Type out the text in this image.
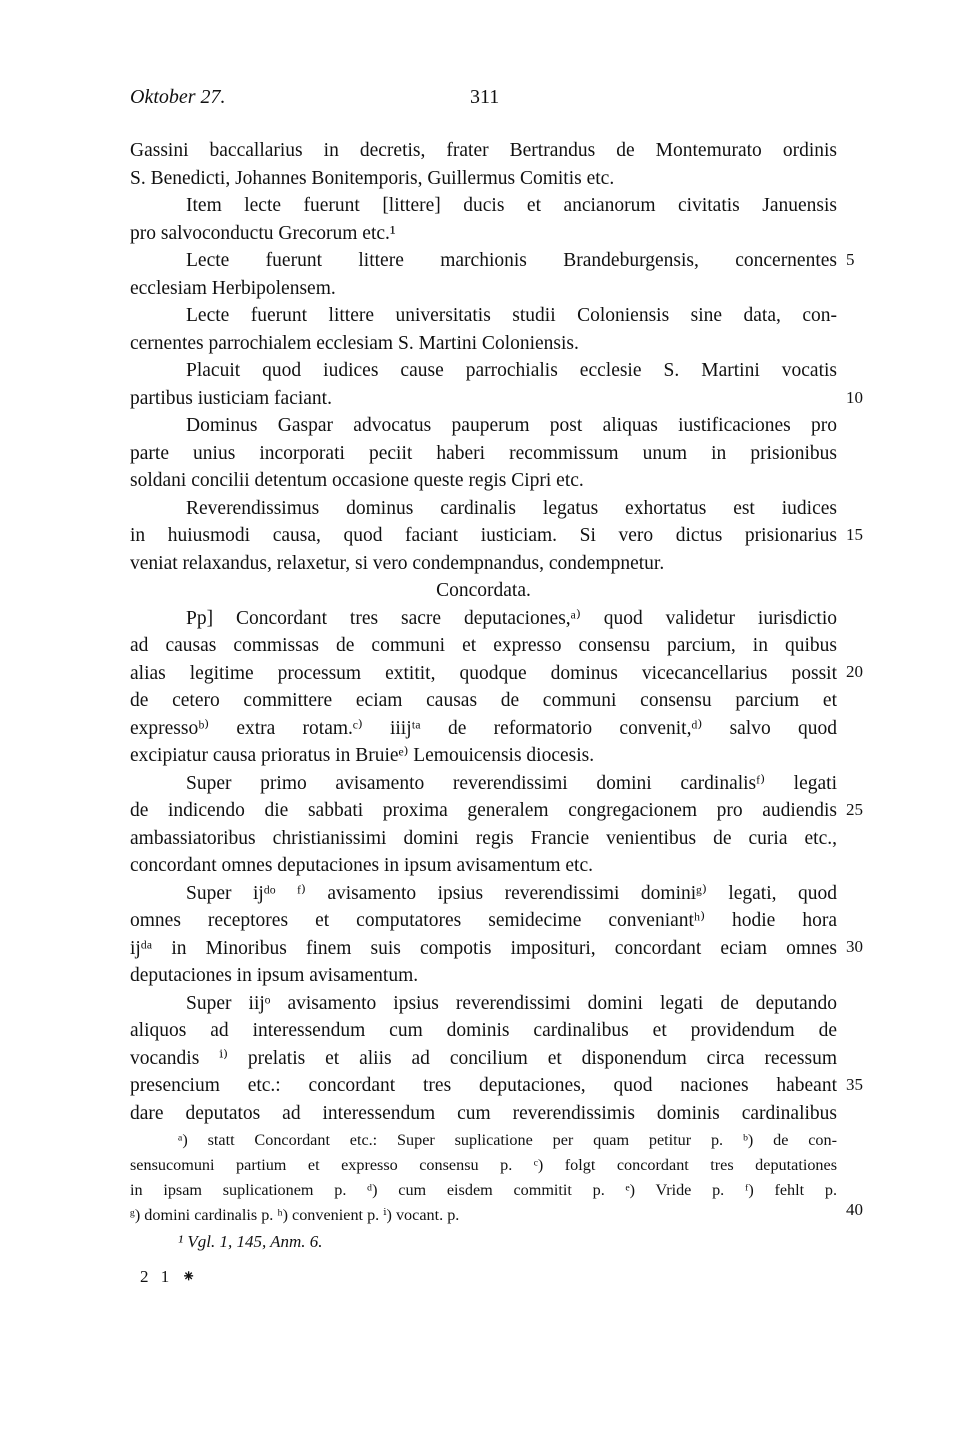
Oktober 27.	311
Gassini baccallarius in decretis, frater Bertrandus de Montemurato ordinis
S. Benedicti, Johannes Bonitemporis, Guillermus Comitis etc.
Item lecte fuerunt [littere] ducis et ancianorum civitatis Januensis
pro salvoconductu Grecorum etc.¹
Lecte fuerunt littere marchionis Brandeburgensis, concernentes
ecclesiam Herbipolensem.
Lecte fuerunt littere universitatis studii Coloniensis sine data, con-
cernentes parrochialem ecclesiam S. Martini Coloniensis.
Placuit quod iudices cause parrochialis ecclesie S. Martini vocatis
partibus iusticiam faciant.
Dominus Gaspar advocatus pauperum post aliquas iustificaciones pro
parte unius incorporati peciit haberi recommissum unum in prisionibus
soldani concilii detentum occasione queste regis Cipri etc.
Reverendissimus dominus cardinalis legatus exhortatus est iudices
in huiusmodi causa, quod faciant iusticiam. Si vero dictus prisionarius
veniat relaxandus, relaxetur, si vero condempnandus, condempnetur.
Concordata.
Pp] Concordant tres sacre deputaciones,ᵃ⁾ quod validetur iurisdictio
ad causas commissas de communi et expresso consensu parcium, in quibus
alias legitime processum extitit, quodque dominus vicecancellarius possit
de cetero committere eciam causas de communi consensu parcium et
expressoᵇ⁾ extra rotam.ᶜ⁾ iiijᵗᵃ de reformatorio convenit,ᵈ⁾ salvo quod
excipiatur causa prioratus in Bruieᵉ⁾ Lemouicensis diocesis.
Super primo avisamento reverendissimi domini cardinalisᶠ⁾ legati
de indicendo die sabbati proxima generalem congregacionem pro audiendis
ambassiatoribus christianissimi domini regis Francie venientibus de curia etc.,
concordant omnes deputaciones in ipsum avisamentum etc.
Super ijᵈᵒ ᶠ⁾ avisamento ipsius reverendissimi dominiᵍ⁾ legati, quod
omnes receptores et computatores semidecime conveniantʰ⁾ hodie hora
ijᵈᵃ in Minoribus finem suis compotis imposituri, concordant eciam omnes
deputaciones in ipsum avisamentum.
Super iijᵒ avisamento ipsius reverendissimi domini legati de deputando
aliquos ad interessendum cum dominis cardinalibus et providendum de
vocandis ⁱ⁾ prelatis et aliis ad concilium et disponendum circa recessum
presencium etc.: concordant tres deputaciones, quod naciones habeant
dare deputatos ad interessendum cum reverendissimis dominis cardinalibus
5
10
15
20
25
30
35
40
ᵃ) statt Concordant etc.: Super suplicatione per quam petitur p. ᵇ) de con-
sensucomuni partium et expresso consensu p. ᶜ) folgt concordant tres deputationes
in ipsam suplicationem p. ᵈ) cum eisdem commitit p. ᵉ) Vride p. ᶠ) fehlt p.
ᵍ) domini cardinalis p. ʰ) convenient p. ⁱ) vocant. p.
¹ Vgl. 1, 145, Anm. 6.
2 1 ⁕
